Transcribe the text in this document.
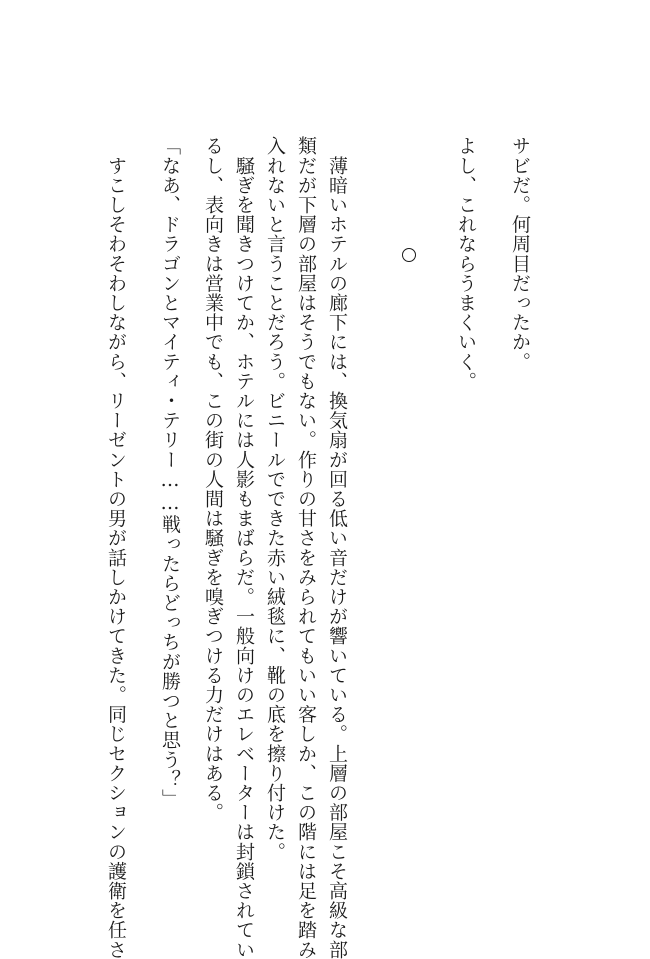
サビだ。何周目だったか。
よし、これならうまくいく。
　薄暗いホテルの廊下には、換気扇が回る低い音だけが響いている。上層の部屋こそ高級な部
類だが下層の部屋はそうでもない。作りの甘さをみられてもいい客しか、この階には足を踏み
入れないと言うことだろう。ビニールでできた赤い絨毯に、靴の底を擦り付けた。
　騒ぎを聞きつけてか、ホテルには人影もまばらだ。一般向けのエレベーターは封鎖されてい
るし、表向きは営業中でも、この街の人間は騒ぎを嗅ぎつける力だけはある。
「なあ、ドラゴンとマイティ・テリー……戦ったらどっちが勝つと思う？」
　すこしそわそわしながら、リーゼントの男が話しかけてきた。同じセクションの護衛を任さ
